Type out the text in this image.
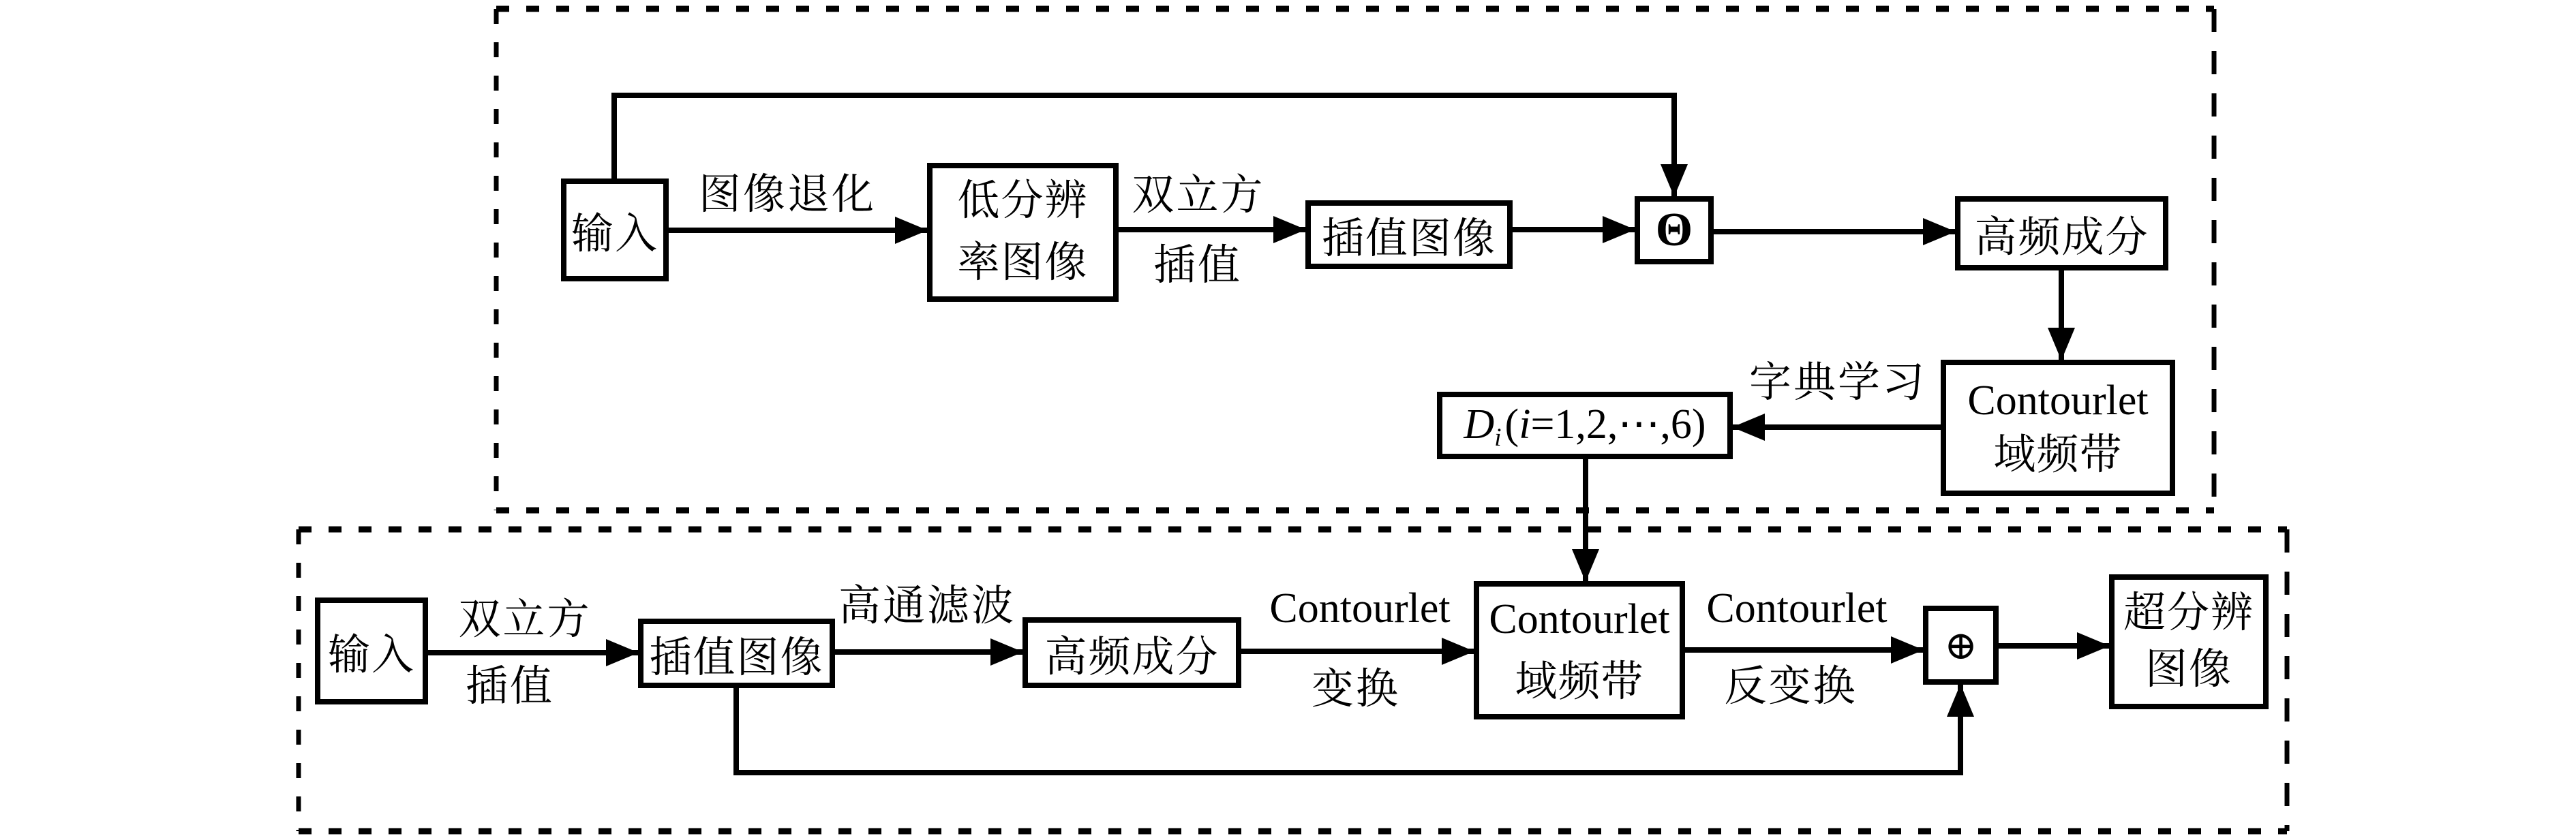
输入
低分辨
率图像
插值图像	Θ	高频成分
Contourlet
域频带
$D_i(i=1,2,\cdots,6)$
图像退化	双立方
插值
字典学习
输入	插值图像	高频成分
Contourlet
域频带
⊕
超分辨
图像
双立方
插值
高通滤波	Contourlet
变换
Contourlet
反变换
